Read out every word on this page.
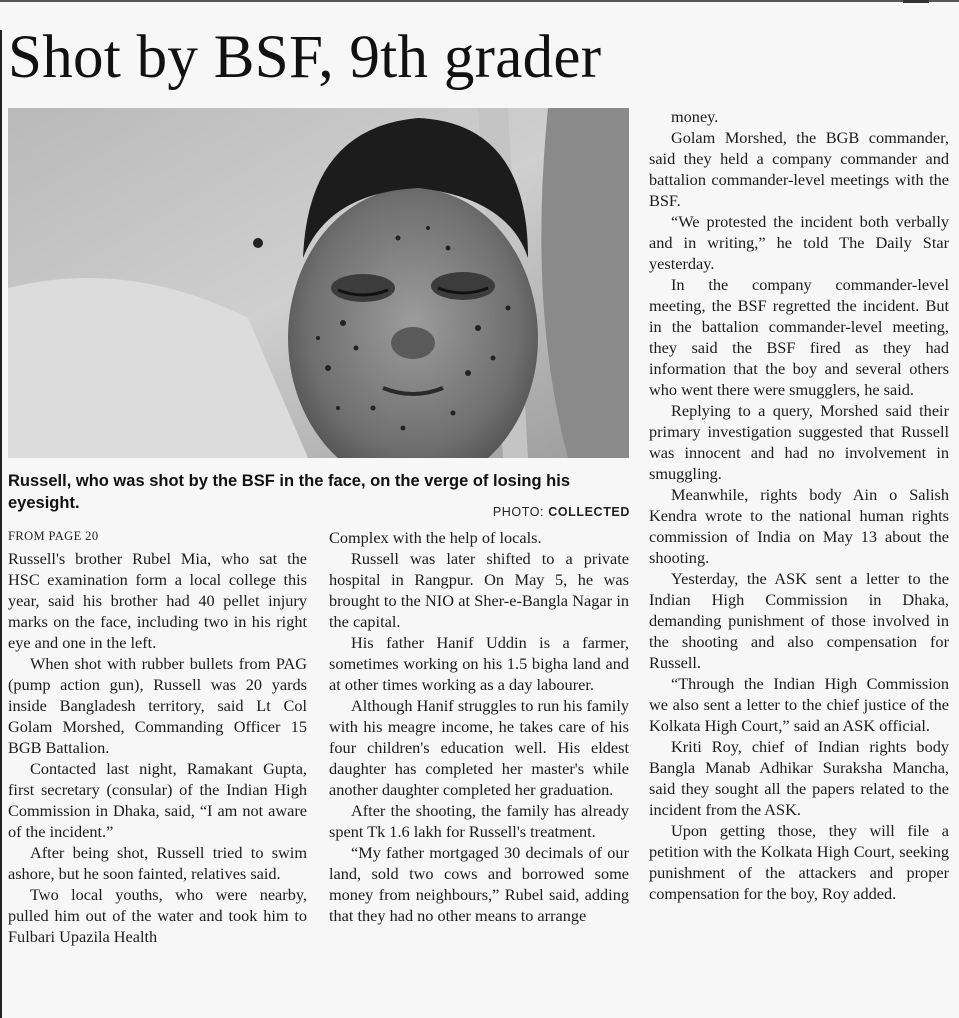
Shot by BSF, 9th grader
Russell, who was shot by the BSF in the face, on the verge of losing his eyesight.	PHOTO: COLLECTED
FROM PAGE 20

Russell's brother Rubel Mia, who sat the HSC examination form a local college this year, said his brother had 40 pellet injury marks on the face, including two in his right eye and one in the left.

When shot with rubber bullets from PAG (pump action gun), Russell was 20 yards inside Bangladesh territory, said Lt Col Golam Morshed, Commanding Officer 15 BGB Battalion.

Contacted last night, Ramakant Gupta, first secretary (consular) of the Indian High Commission in Dhaka, said, “I am not aware of the incident.”

After being shot, Russell tried to swim ashore, but he soon fainted, relatives said.

Two local youths, who were nearby, pulled him out of the water and took him to Fulbari Upazila Health

Complex with the help of locals.

Russell was later shifted to a private hospital in Rangpur. On May 5, he was brought to the NIO at Sher-e-Bangla Nagar in the capital.

His father Hanif Uddin is a farmer, sometimes working on his 1.5 bigha land and at other times working as a day labourer.

Although Hanif struggles to run his family with his meagre income, he takes care of his four children's education well. His eldest daughter has completed her master's while another daughter completed her graduation.

After the shooting, the family has already spent Tk 1.6 lakh for Russell's treatment.

“My father mortgaged 30 decimals of our land, sold two cows and borrowed some money from neighbours,” Rubel said, adding that they had no other means to arrange

money.

Golam Morshed, the BGB commander, said they held a company commander and battalion commander-level meetings with the BSF.

“We protested the incident both verbally and in writing,” he told The Daily Star yesterday.

In the company commander-level meeting, the BSF regretted the incident. But in the battalion commander-level meeting, they said the BSF fired as they had information that the boy and several others who went there were smugglers, he said.

Replying to a query, Morshed said their primary investigation suggested that Russell was innocent and had no involvement in smuggling.

Meanwhile, rights body Ain o Salish Kendra wrote to the national human rights commission of India on May 13 about the shooting.

Yesterday, the ASK sent a letter to the Indian High Commission in Dhaka, demanding punishment of those involved in the shooting and also compensation for Russell.

“Through the Indian High Commission we also sent a letter to the chief justice of the Kolkata High Court,” said an ASK official.

Kriti Roy, chief of Indian rights body Bangla Manab Adhikar Suraksha Mancha, said they sought all the papers related to the incident from the ASK.

Upon getting those, they will file a petition with the Kolkata High Court, seeking punishment of the attackers and proper compensation for the boy, Roy added.
